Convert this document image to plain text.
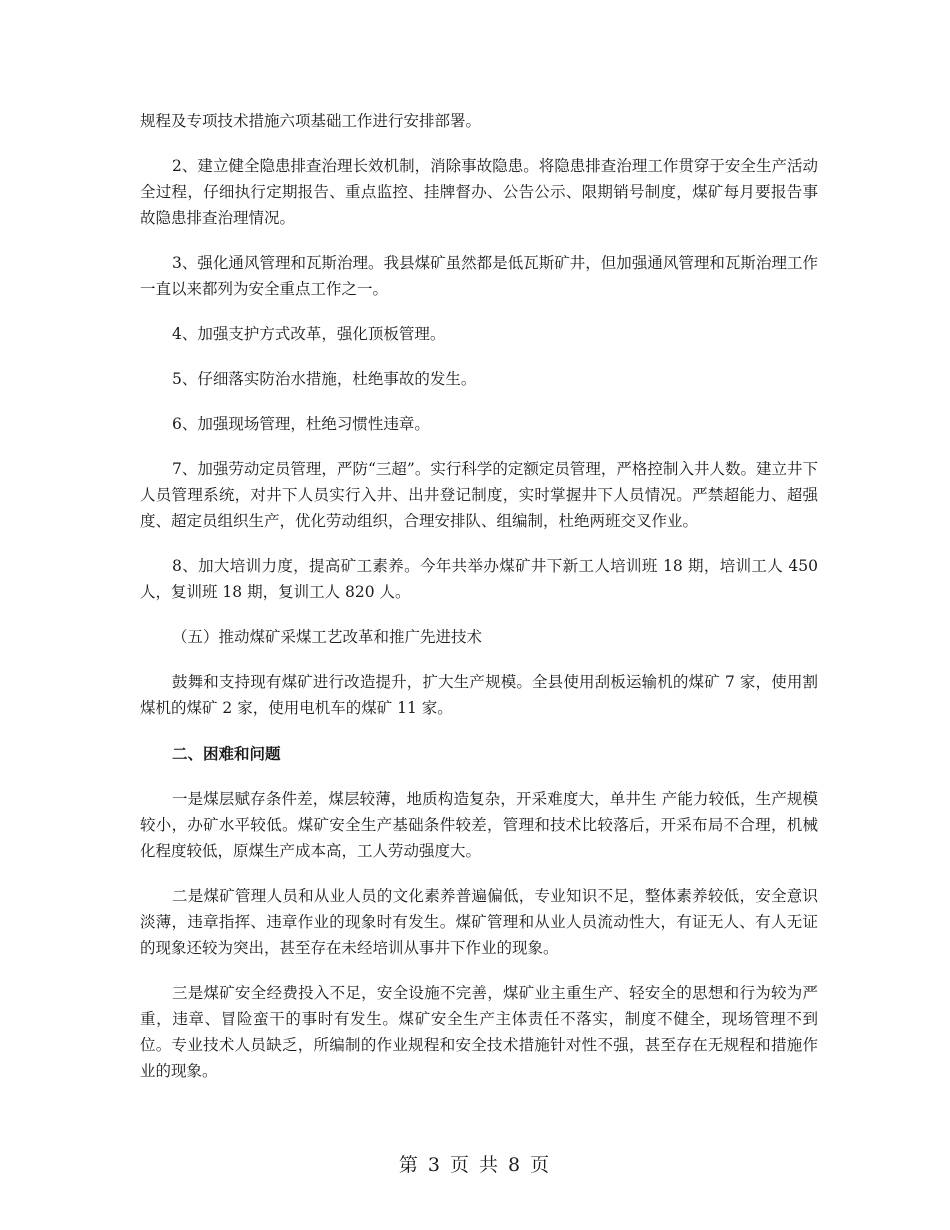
规程及专项技术措施六项基础工作进行安排部署。

2、建立健全隐患排查治理长效机制，消除事故隐患。将隐患排查治理工作贯穿于安全生产活动全过程，仔细执行定期报告、重点监控、挂牌督办、公告公示、限期销号制度，煤矿每月要报告事故隐患排查治理情况。

3、强化通风管理和瓦斯治理。我县煤矿虽然都是低瓦斯矿井，但加强通风管理和瓦斯治理工作一直以来都列为安全重点工作之一。

4、加强支护方式改革，强化顶板管理。

5、仔细落实防治水措施，杜绝事故的发生。

6、加强现场管理，杜绝习惯性违章。

7、加强劳动定员管理，严防“三超”。实行科学的定额定员管理，严格控制入井人数。建立井下人员管理系统，对井下人员实行入井、出井登记制度，实时掌握井下人员情况。严禁超能力、超强度、超定员组织生产，优化劳动组织，合理安排队、组编制，杜绝两班交叉作业。

8、加大培训力度，提高矿工素养。今年共举办煤矿井下新工人培训班 18 期，培训工人 450 人，复训班 18 期，复训工人 820 人。

（五）推动煤矿采煤工艺改革和推广先进技术

鼓舞和支持现有煤矿进行改造提升，扩大生产规模。全县使用刮板运输机的煤矿 7 家，使用割煤机的煤矿 2 家，使用电机车的煤矿 11 家。

二、困难和问题

一是煤层赋存条件差，煤层较薄，地质构造复杂，开采难度大，单井生 产能力较低，生产规模较小，办矿水平较低。煤矿安全生产基础条件较差，管理和技术比较落后，开采布局不合理，机械化程度较低，原煤生产成本高，工人劳动强度大。

二是煤矿管理人员和从业人员的文化素养普遍偏低，专业知识不足，整体素养较低，安全意识淡薄，违章指挥、违章作业的现象时有发生。煤矿管理和从业人员流动性大，有证无人、有人无证的现象还较为突出，甚至存在未经培训从事井下作业的现象。

三是煤矿安全经费投入不足，安全设施不完善，煤矿业主重生产、轻安全的思想和行为较为严重，违章、冒险蛮干的事时有发生。煤矿安全生产主体责任不落实，制度不健全，现场管理不到位。专业技术人员缺乏，所编制的作业规程和安全技术措施针对性不强，甚至存在无规程和措施作业的现象。

第 3 页 共 8 页
